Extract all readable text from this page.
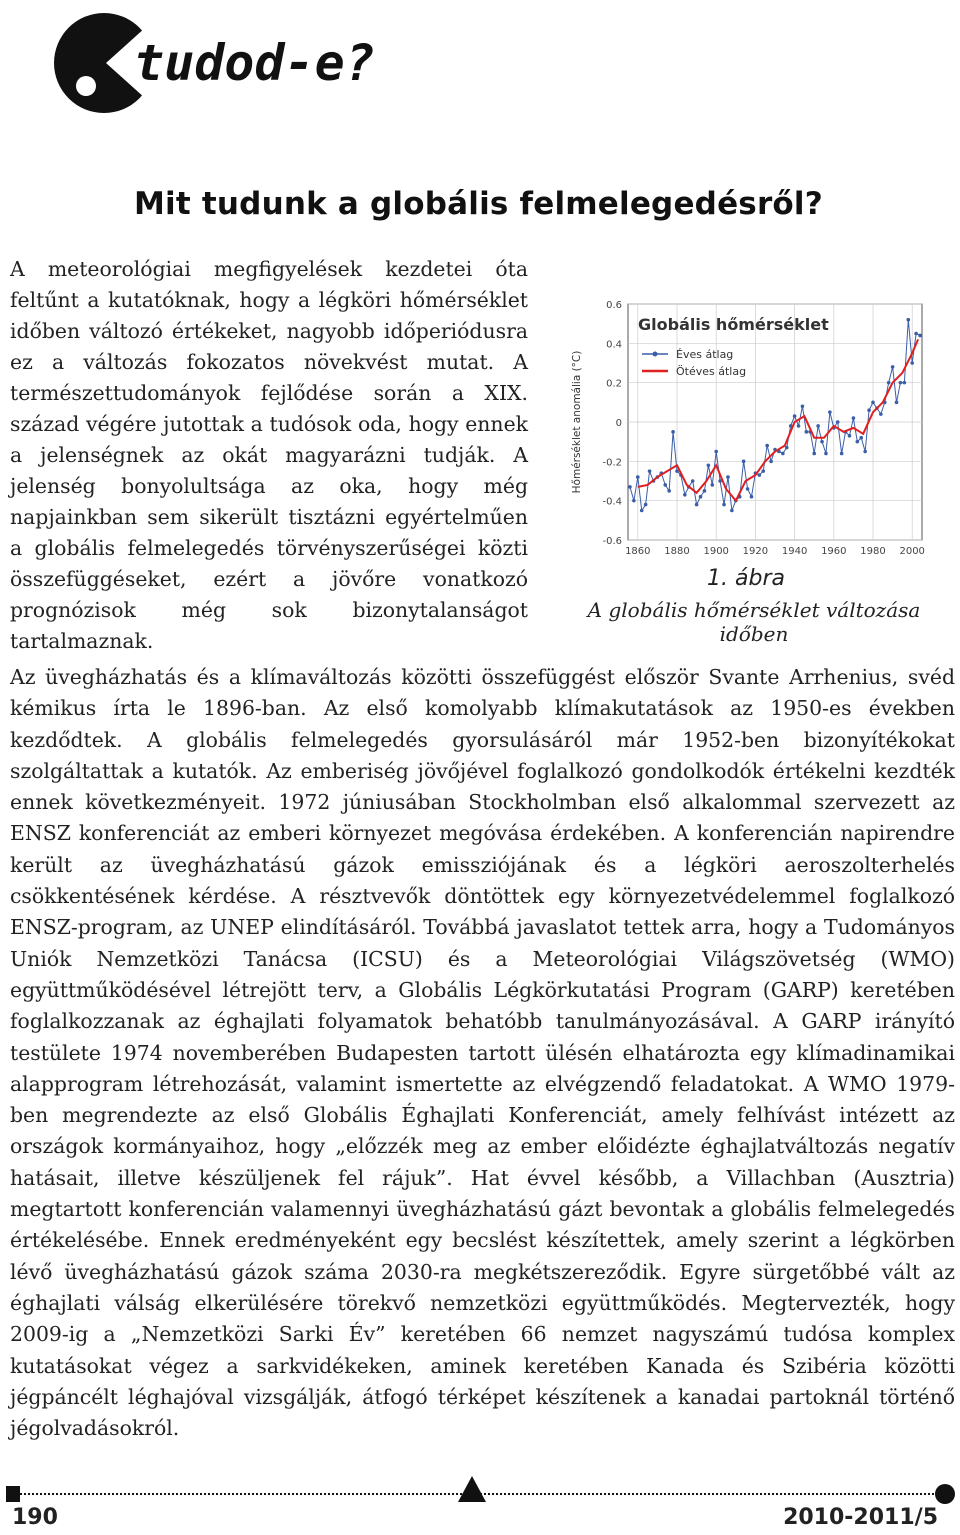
tudod-e?
Mit tudunk a globális felmelegedésről?

A meteorológiai megfigyelések kezdetei óta feltűnt a kutatóknak, hogy a légköri hőmérséklet időben változó értékeket, nagyobb időperiódusra ez a változás fokozatos növekvést mutat. A természettudományok fejlődése során a XIX. század végére jutottak a tudósok oda, hogy ennek a jelenségnek az okát magyarázni tudják. A jelenség bonyolultsága az oka, hogy még napjainkban sem sikerült tisztázni egyértelműen a globális felmelegedés törvényszerűségei közti összefüggéseket, ezért a jövőre vonatkozó prognózisok még sok bizonytalanságot tartalmaznak.

0.6
0.4
0.2
0
-0.2
-0.4
-0.6
1860 1880 1900 1920 1940 1960 1980 2000
Hőmérséklet anomália (°C)
Globális hőmérséklet
Éves átlag
Ötéves átlag
1. ábra
A globális hőmérséklet változása időben

Az üvegházhatás és a klímaváltozás közötti összefüggést először Svante Arrhenius, svéd kémikus írta le 1896-ban. Az első komolyabb klímakutatások az 1950-es években kezdődtek. A globális felmelegedés gyorsulásáról már 1952-ben bizonyítékokat szolgáltattak a kutatók. Az emberiség jövőjével foglalkozó gondolkodók értékelni kezdték ennek következményeit. 1972 júniusában Stockholmban első alkalommal szervezett az ENSZ konferenciát az emberi környezet megóvása érdekében. A konferencián napirendre került az üvegházhatású gázok emissziójának és a légköri aeroszolterhelés csökkentésének kérdése. A résztvevők döntöttek egy környezetvédelemmel foglalkozó ENSZ-program, az UNEP elindításáról. Továbbá javaslatot tettek arra, hogy a Tudományos Uniók Nemzetközi Tanácsa (ICSU) és a Meteorológiai Világszövetség (WMO) együttműködésével létrejött terv, a Globális Légkörkutatási Program (GARP) keretében foglalkozzanak az éghajlati folyamatok behatóbb tanulmányozásával. A GARP irányító testülete 1974 novemberében Budapesten tartott ülésén elhatározta egy klímadinamikai alapprogram létrehozását, valamint ismertette az elvégzendő feladatokat. A WMO 1979-ben megrendezte az első Globális Éghajlati Konferenciát, amely felhívást intézett az országok kormányaihoz, hogy „előzzék meg az ember előidézte éghajlatváltozás negatív hatásait, illetve készüljenek fel rájuk”. Hat évvel később, a Villachban (Ausztria) megtartott konferencián valamennyi üvegházhatású gázt bevontak a globális felmelegedés értékelésébe. Ennek eredményeként egy becslést készítettek, amely szerint a légkörben lévő üvegházhatású gázok száma 2030-ra megkétszereződik. Egyre sürgetőbbé vált az éghajlati válság elkerülésére törekvő nemzetközi együttműködés. Megtervezték, hogy 2009-ig a „Nemzetközi Sarki Év” keretében 66 nemzet nagyszámú tudósa komplex kutatásokat végez a sarkvidékeken, aminek keretében Kanada és Szibéria közötti jégpáncélt léghajóval vizsgálják, átfogó térképet készítenek a kanadai partoknál történő jégolvadásokról.

190	2010-2011/5
